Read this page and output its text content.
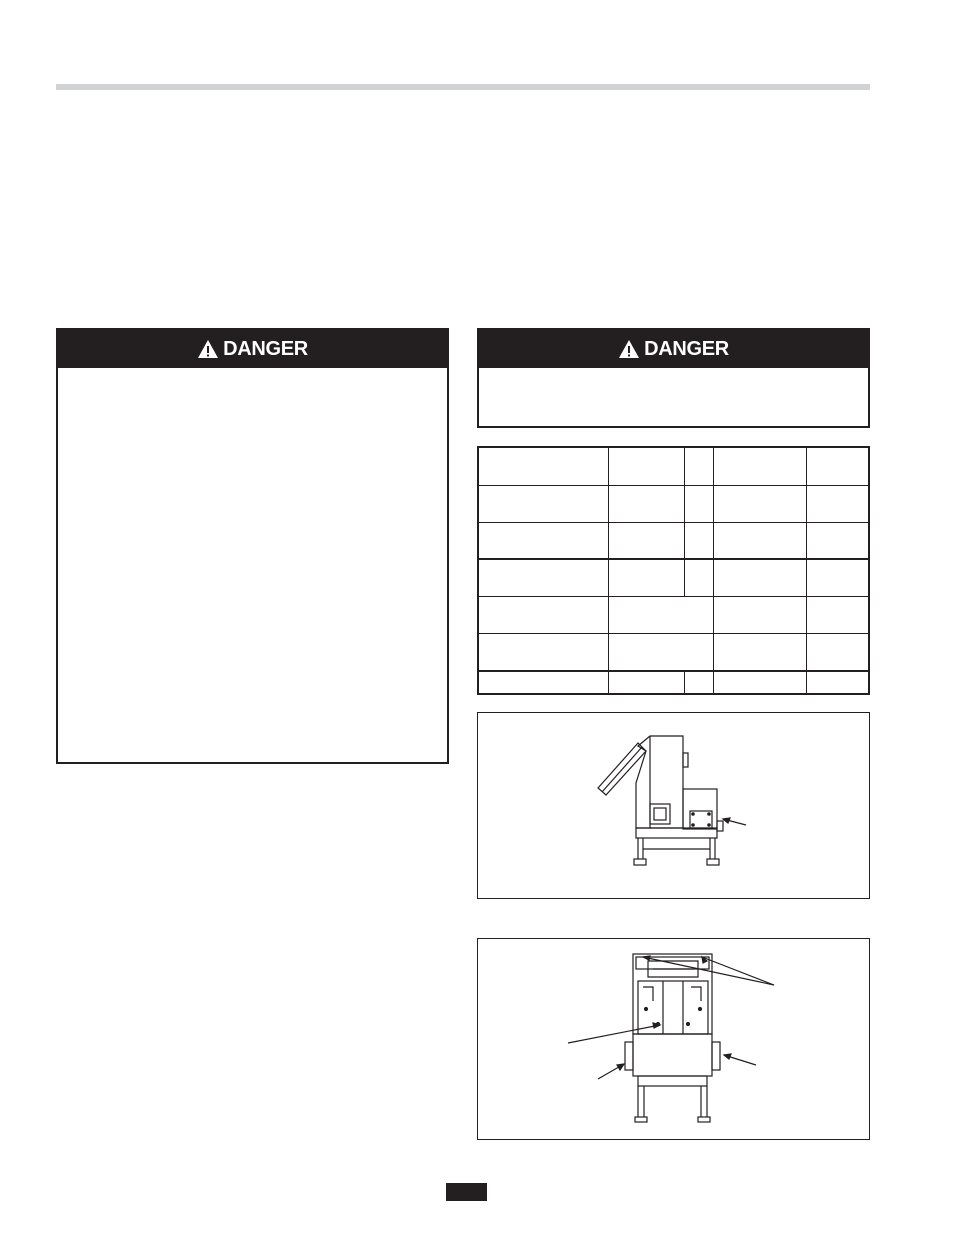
DANGER	DANGER
